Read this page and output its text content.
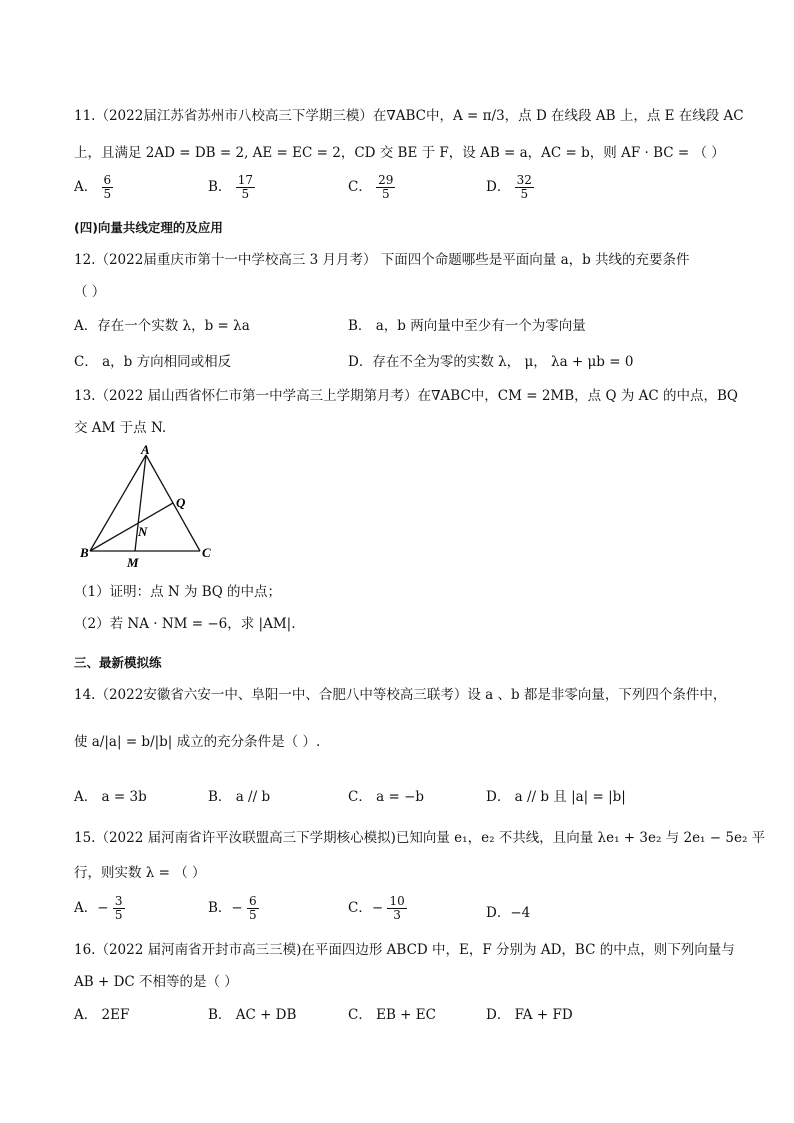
11.（2022届江苏省苏州市八校高三下学期三模）在∇ABC中，A = π/3，点 D 在线段 AB 上，点 E 在线段 AC
上，且满足 2AD = DB = 2, AE = EC = 2，CD 交 BE 于 F，设 AB = a，AC = b，则 AF · BC = （ ）
A． $\frac{6}{5}$	B． $\frac{17}{5}$	C． $\frac{29}{5}$	D． $\frac{32}{5}$
(四)向量共线定理的及应用
12.（2022届重庆市第十一中学校高三 3 月月考） 下面四个命题哪些是平面向量 a，b 共线的充要条件
（ ）
A．存在一个实数 λ，b = λa	B． a，b 两向量中至少有一个为零向量
C． a，b 方向相同或相反	D．存在不全为零的实数 λ， μ， λa + μb = 0
13.（2022 届山西省怀仁市第一中学高三上学期第月考）在∇ABC中，CM = 2MB，点 Q 为 AC 的中点，BQ
交 AM 于点 N.
A
B	C
Q
N
M
（1）证明：点 N 为 BQ 的中点；
（2）若 NA · NM = −6，求 |AM|.
三、最新模拟练
14.（2022安徽省六安一中、阜阳一中、合肥八中等校高三联考）设 a 、b 都是非零向量，下列四个条件中，
使 a/|a| = b/|b| 成立的充分条件是（ ）.
A． a = 3b	B． a // b	C． a = −b	D． a // b 且 |a| = |b|
15.（2022 届河南省许平汝联盟高三下学期核心模拟)已知向量 e₁，e₂ 不共线，且向量 λe₁ + 3e₂ 与 2e₁ − 5e₂ 平
行，则实数 λ = （ ）
A．− $\frac{3}{5}$	B．− $\frac{6}{5}$	C．− $\frac{10}{3}$	D．−4
16.（2022 届河南省开封市高三三模)在平面四边形 ABCD 中，E，F 分别为 AD，BC 的中点，则下列向量与
AB + DC 不相等的是（ ）
A． 2EF	B． AC + DB	C． EB + EC	D． FA + FD
